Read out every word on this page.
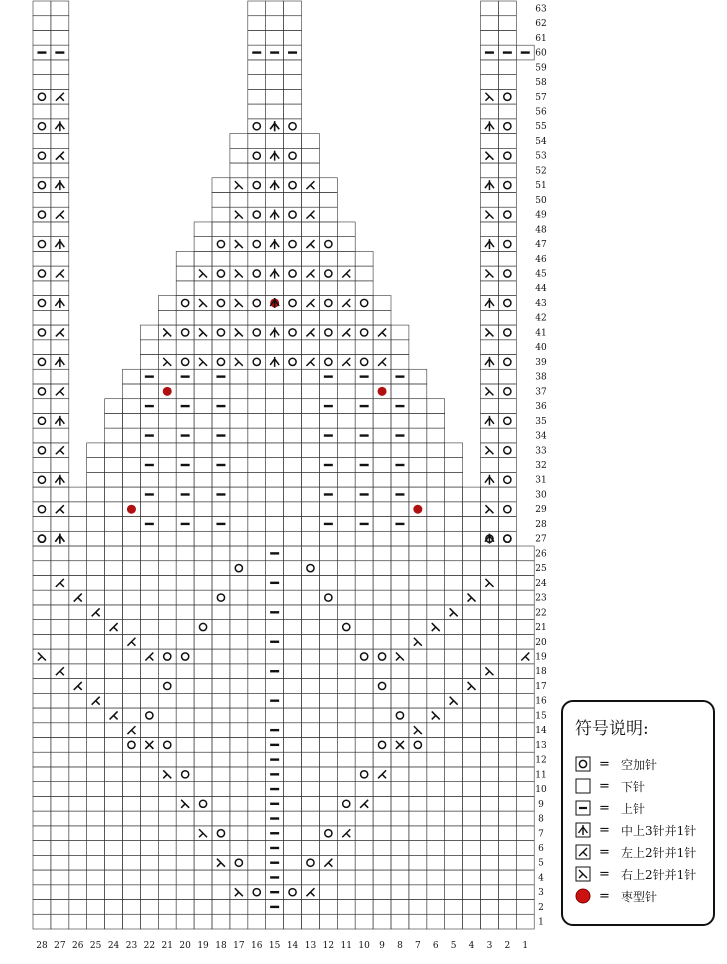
1
2
3
4
5
6
7
8
9
10
11
12
13
14
15
16
17
18
19
20
21
22
23
24
25
26
27
28
29
30
31
32
33
34
35
36
37
38
39
40
41
42
43
44
45
46
47
48
49
50
51
52
53
54
55
56
57
58
59
60
61
62
63
28 27 26 25 24 23 22 21 20 19 18 17 16 15 14 13 12 11 10 9 8 7 6 5 4 3 2 1
符号说明:
= 空加针
= 下针
= 上针
= 中上3针并1针
= 左上2针并1针
= 右上2针并1针
= 枣型针
